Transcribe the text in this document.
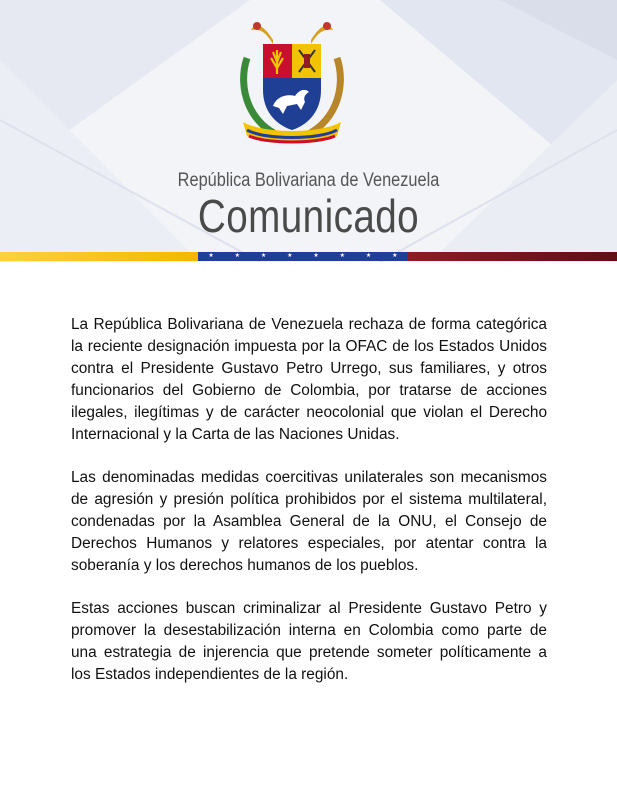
República Bolivariana de Venezuela
Comunicado
★	★	★	★	★	★	★	★

La República Bolivariana de Venezuela rechaza de forma categórica la reciente designación impuesta por la OFAC de los Estados Unidos contra el Presidente Gustavo Petro Urrego, sus familiares, y otros funcionarios del Gobierno de Colombia, por tratarse de acciones ilegales, ilegítimas y de carácter neocolonial que violan el Derecho Internacional y la Carta de las Naciones Unidas.

Las denominadas medidas coercitivas unilaterales son mecanismos de agresión y presión política prohibidos por el sistema multilateral, condenadas por la Asamblea General de la ONU, el Consejo de Derechos Humanos y relatores especiales, por atentar contra la soberanía y los derechos humanos de los pueblos.

Estas acciones buscan criminalizar al Presidente Gustavo Petro y promover la desestabilización interna en Colombia como parte de una estrategia de injerencia que pretende someter políticamente a los Estados independientes de la región.
